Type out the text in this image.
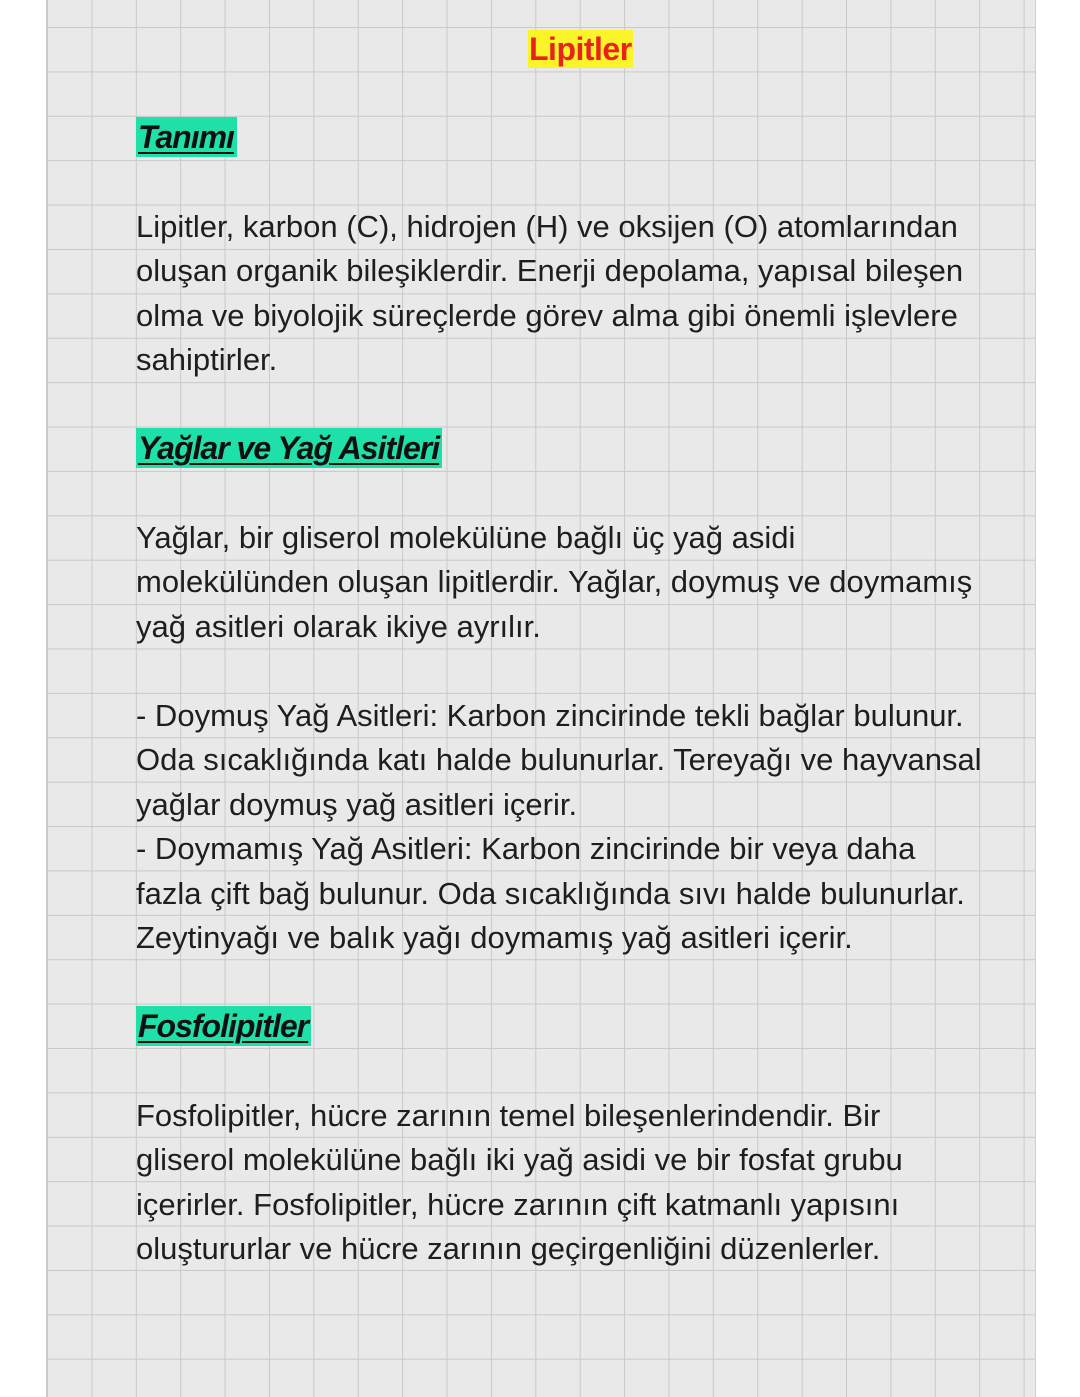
Lipitler
Tanımı

Lipitler, karbon (C), hidrojen (H) ve oksijen (O) atomlarından
oluşan organik bileşiklerdir. Enerji depolama, yapısal bileşen
olma ve biyolojik süreçlerde görev alma gibi önemli işlevlere
sahiptirler.

Yağlar ve Yağ Asitleri

Yağlar, bir gliserol molekülüne bağlı üç yağ asidi
molekülünden oluşan lipitlerdir. Yağlar, doymuş ve doymamış
yağ asitleri olarak ikiye ayrılır.

- Doymuş Yağ Asitleri: Karbon zincirinde tekli bağlar bulunur.
Oda sıcaklığında katı halde bulunurlar. Tereyağı ve hayvansal
yağlar doymuş yağ asitleri içerir.
- Doymamış Yağ Asitleri: Karbon zincirinde bir veya daha
fazla çift bağ bulunur. Oda sıcaklığında sıvı halde bulunurlar.
Zeytinyağı ve balık yağı doymamış yağ asitleri içerir.

Fosfolipitler

Fosfolipitler, hücre zarının temel bileşenlerindendir. Bir
gliserol molekülüne bağlı iki yağ asidi ve bir fosfat grubu
içerirler. Fosfolipitler, hücre zarının çift katmanlı yapısını
oluştururlar ve hücre zarının geçirgenliğini düzenlerler.
